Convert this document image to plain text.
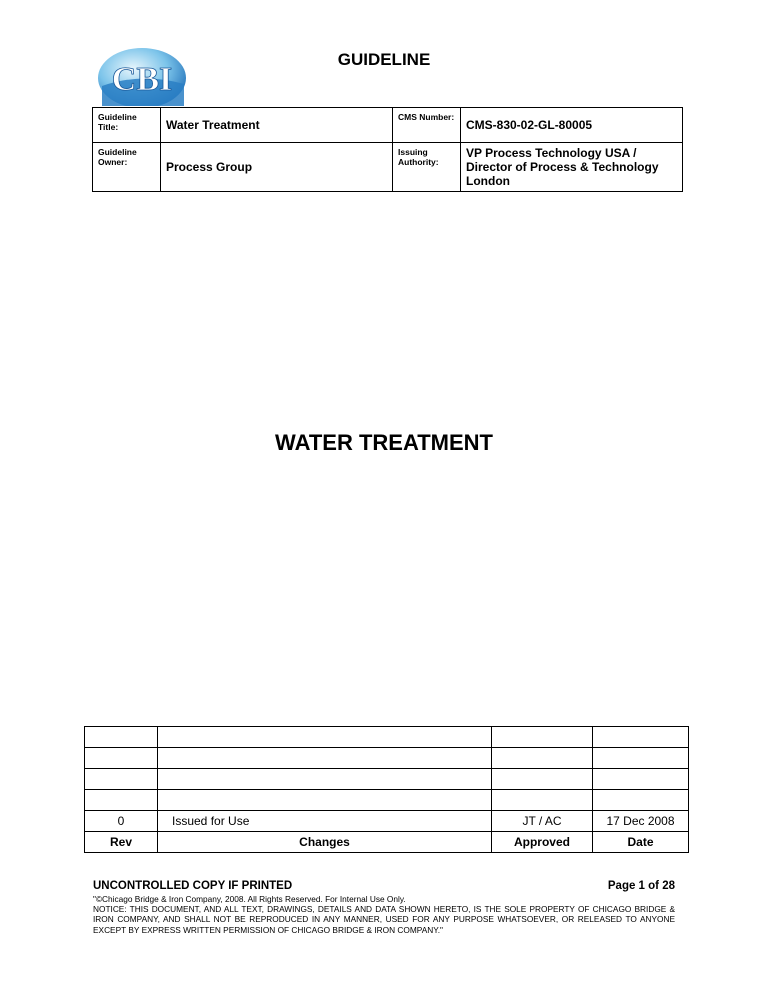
CBI
GUIDELINE
Guideline Title:	Water Treatment	CMS Number:	CMS-830-02-GL-80005
Guideline Owner:	Process Group	Issuing Authority:	VP Process Technology USA / Director of Process & Technology London
WATER TREATMENT

0	Issued for Use	JT / AC	17 Dec 2008
Rev	Changes	Approved	Date
UNCONTROLLED COPY IF PRINTED	Page 1 of 28
"©Chicago Bridge & Iron Company, 2008. All Rights Reserved. For Internal Use Only.
NOTICE: THIS DOCUMENT, AND ALL TEXT, DRAWINGS, DETAILS AND DATA SHOWN HERETO, IS THE SOLE PROPERTY OF CHICAGO BRIDGE & IRON COMPANY, AND SHALL NOT BE REPRODUCED IN ANY MANNER, USED FOR ANY PURPOSE WHATSOEVER, OR RELEASED TO ANYONE EXCEPT BY EXPRESS WRITTEN PERMISSION OF CHICAGO BRIDGE & IRON COMPANY."
